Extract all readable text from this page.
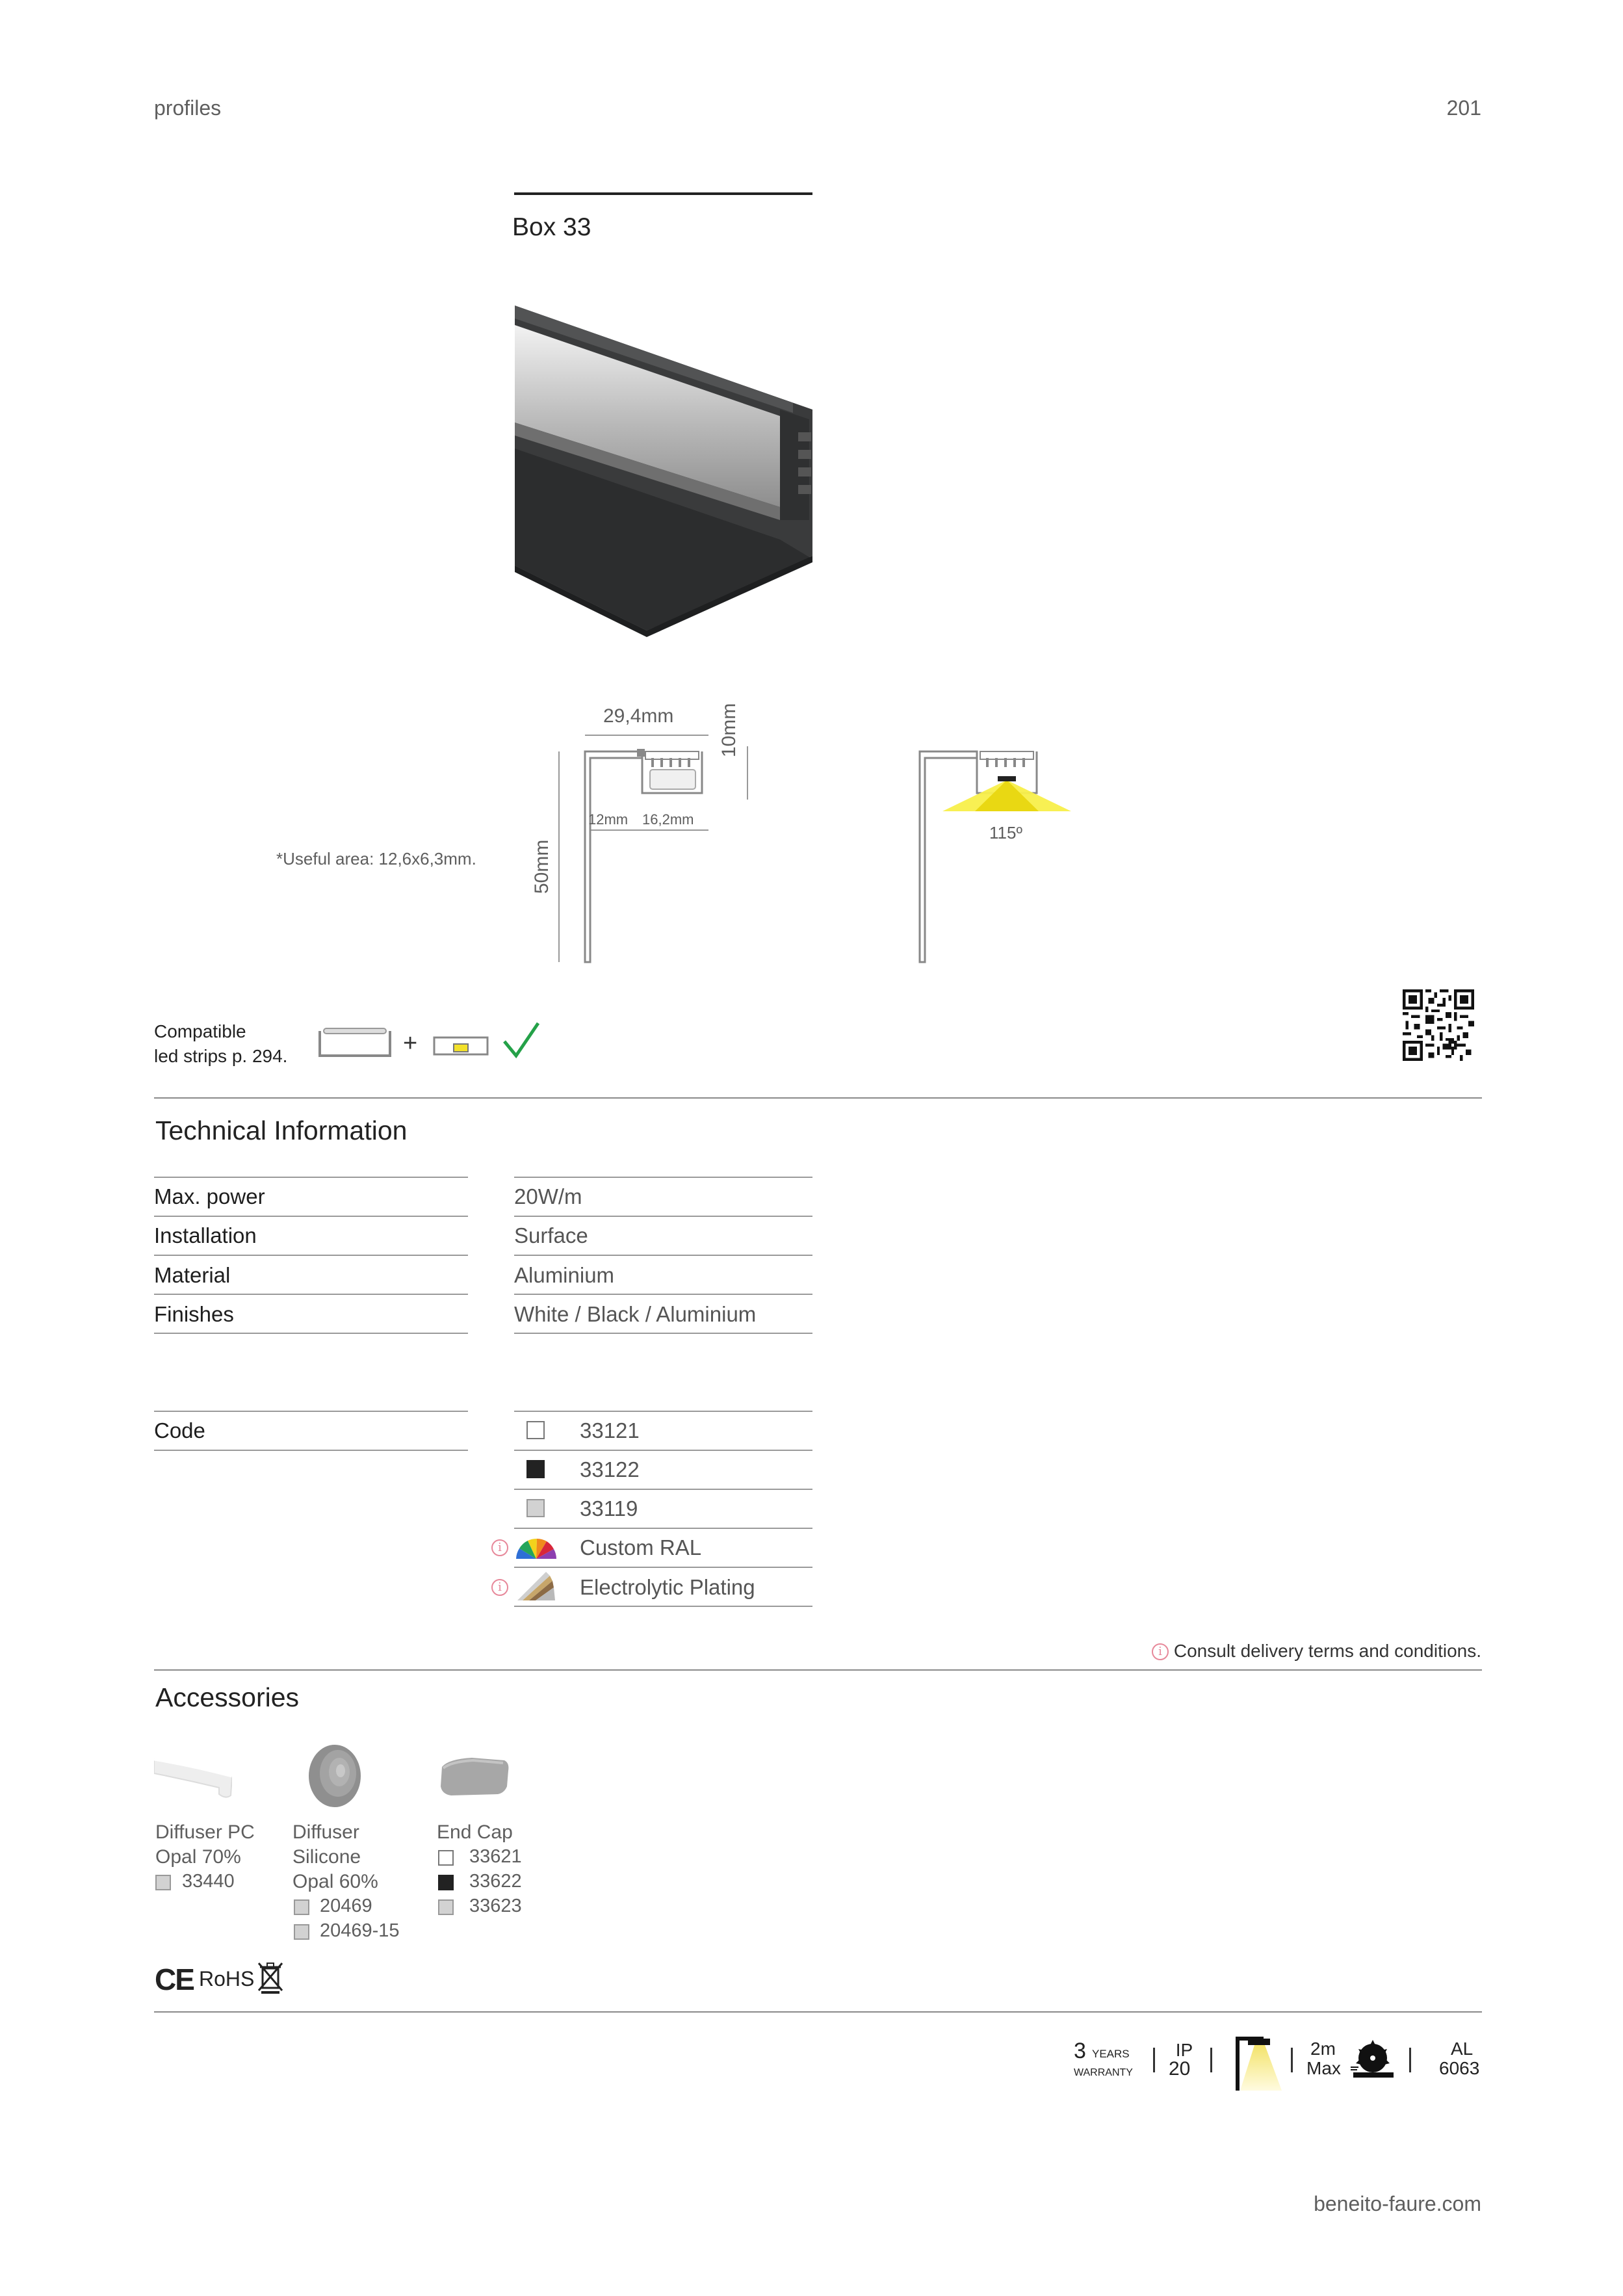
profiles	201
Box 33
29,4mm 10mm
50mm
12mm 16,2mm
115º
*Useful area: 12,6x6,3mm.
Compatible
led strips p. 294.	+
Technical Information
Max. power	20W/m
Installation	Surface
Material	Aluminium
Finishes	White / Black / Aluminium
Code	33121
33122
33119
i	Custom RAL
i	Electrolytic Plating
i Consult delivery terms and conditions.
Accessories
Diffuser PC
Opal 70%
33440
Diffuser
Silicone
Opal 60%
20469
20469-15
End Cap
33621
33622
33623
CE RoHS
3 YEARS
WARRANTY
IP
20
2m
Max
AL
6063
beneito-faure.com
